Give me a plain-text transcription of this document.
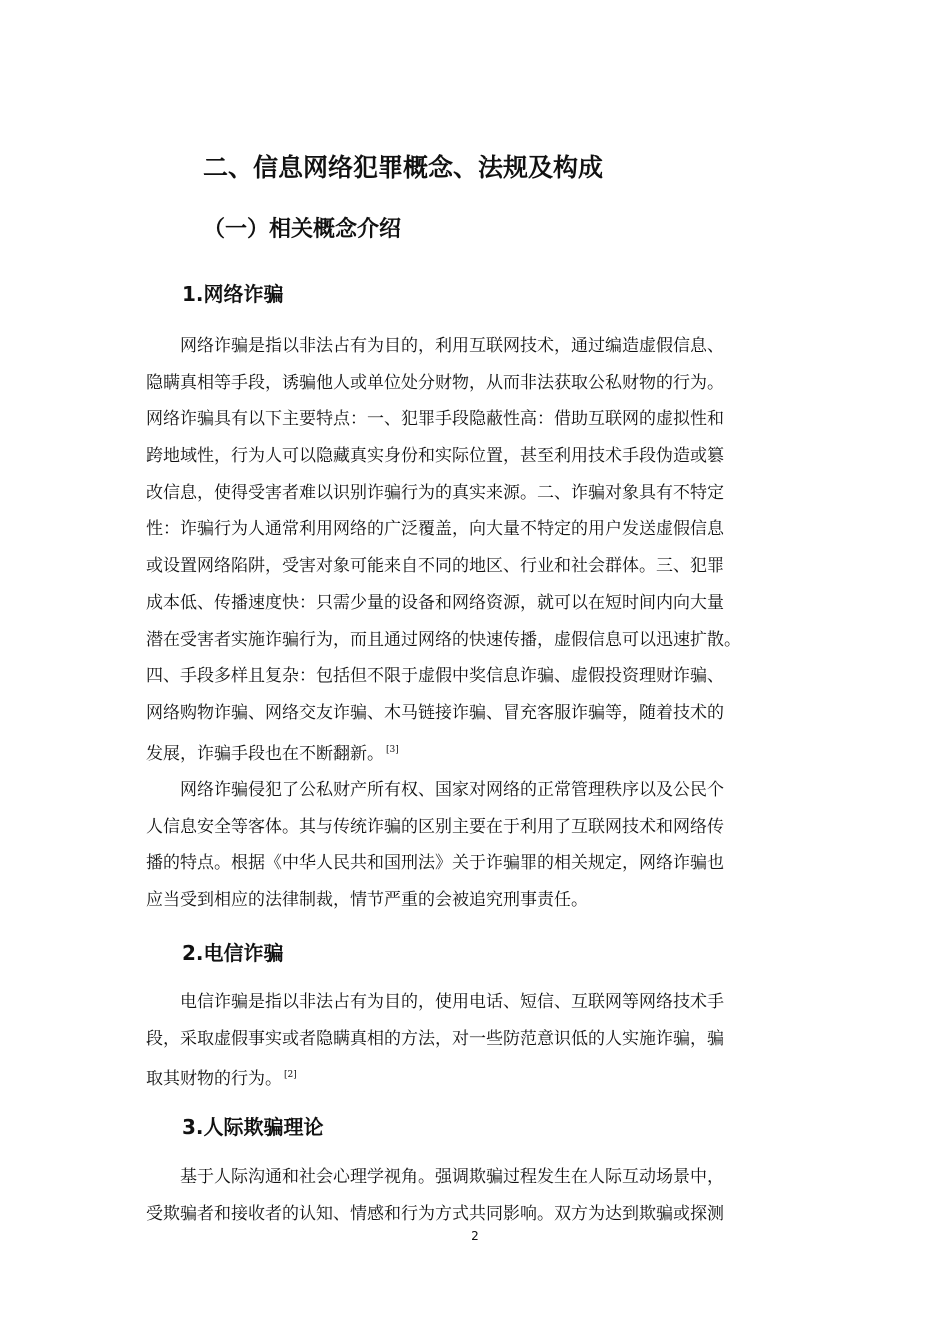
二、信息网络犯罪概念、法规及构成
（一）相关概念介绍
1.网络诈骗
网络诈骗是指以非法占有为目的，利用互联网技术，通过编造虚假信息、
隐瞒真相等手段，诱骗他人或单位处分财物，从而非法获取公私财物的行为。
网络诈骗具有以下主要特点：一、犯罪手段隐蔽性高：借助互联网的虚拟性和
跨地域性，行为人可以隐藏真实身份和实际位置，甚至利用技术手段伪造或篡
改信息，使得受害者难以识别诈骗行为的真实来源。二、诈骗对象具有不特定
性：诈骗行为人通常利用网络的广泛覆盖，向大量不特定的用户发送虚假信息
或设置网络陷阱，受害对象可能来自不同的地区、行业和社会群体。三、犯罪
成本低、传播速度快：只需少量的设备和网络资源，就可以在短时间内向大量
潜在受害者实施诈骗行为，而且通过网络的快速传播，虚假信息可以迅速扩散。
四、手段多样且复杂：包括但不限于虚假中奖信息诈骗、虚假投资理财诈骗、
网络购物诈骗、网络交友诈骗、木马链接诈骗、冒充客服诈骗等，随着技术的
发展，诈骗手段也在不断翻新。 [3]
网络诈骗侵犯了公私财产所有权、国家对网络的正常管理秩序以及公民个
人信息安全等客体。其与传统诈骗的区别主要在于利用了互联网技术和网络传
播的特点。根据《中华人民共和国刑法》关于诈骗罪的相关规定，网络诈骗也
应当受到相应的法律制裁，情节严重的会被追究刑事责任。
2.电信诈骗
电信诈骗是指以非法占有为目的，使用电话、短信、互联网等网络技术手
段，采取虚假事实或者隐瞒真相的方法，对一些防范意识低的人实施诈骗，骗
取其财物的行为。 [2]
3.人际欺骗理论
基于人际沟通和社会心理学视角。强调欺骗过程发生在人际互动场景中，
受欺骗者和接收者的认知、情感和行为方式共同影响。双方为达到欺骗或探测
2
